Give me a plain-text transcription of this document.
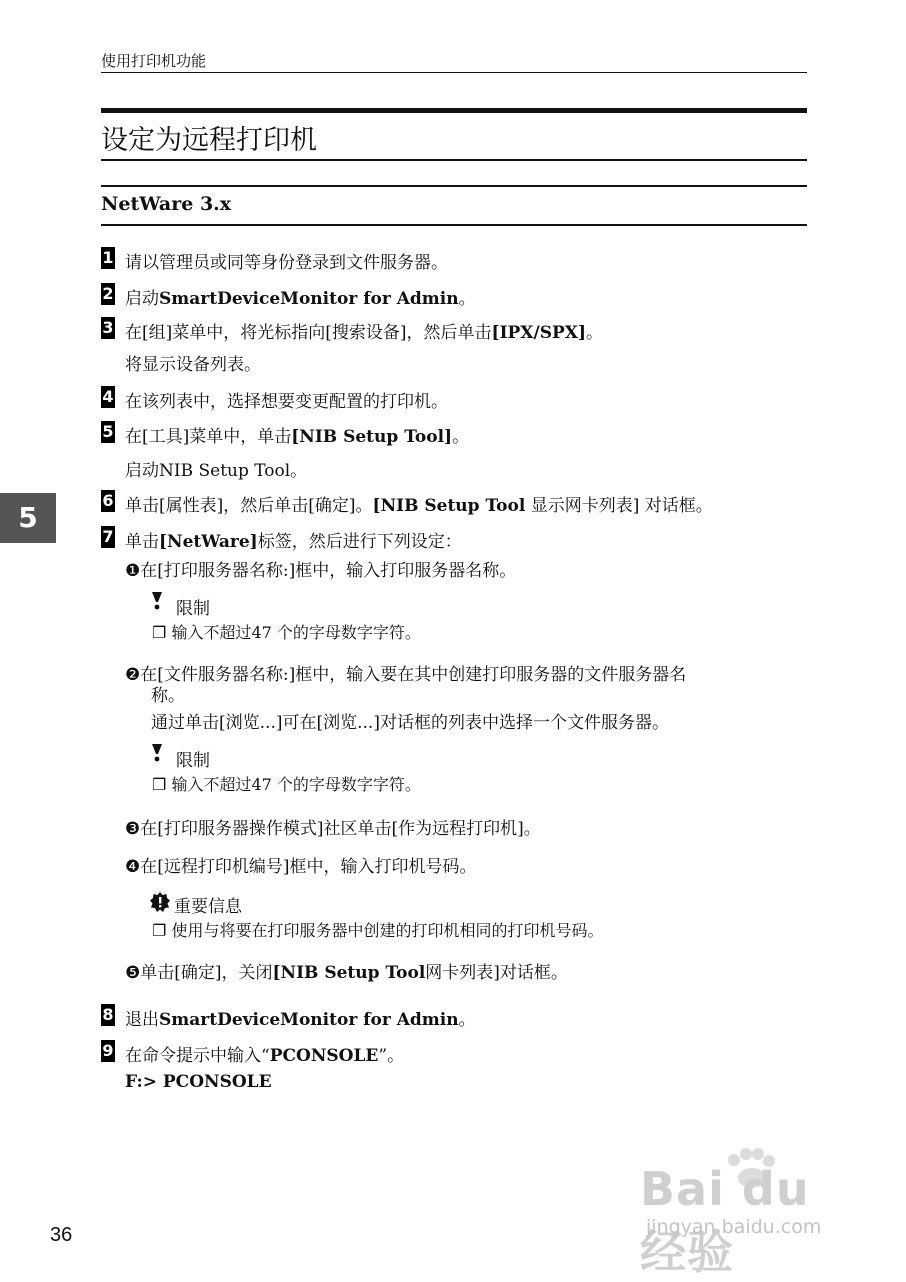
使用打印机功能
设定为远程打印机
NetWare 3.x
5
1 请以管理员或同等身份登录到文件服务器。
2 启动SmartDeviceMonitor for Admin。
3 在[组]菜单中，将光标指向[搜索设备]，然后单击[IPX/SPX]。
将显示设备列表。
4 在该列表中，选择想要变更配置的打印机。
5 在[工具]菜单中，单击[NIB Setup Tool]。
启动NIB Setup Tool。
6 单击[属性表]，然后单击[确定]。[NIB Setup Tool 显示网卡列表] 对话框。
7 单击[NetWare]标签，然后进行下列设定：
❶在[打印服务器名称:]框中，输入打印服务器名称。
限制
❐ 输入不超过47 个的字母数字字符。
❷在[文件服务器名称:]框中，输入要在其中创建打印服务器的文件服务器名
称。
通过单击[浏览...]可在[浏览...]对话框的列表中选择一个文件服务器。
限制
❐ 输入不超过47 个的字母数字字符。
❸在[打印服务器操作模式]社区单击[作为远程打印机]。
❹在[远程打印机编号]框中，输入打印机号码。
重要信息
❐ 使用与将要在打印服务器中创建的打印机相同的打印机号码。
❺单击[确定]，关闭[NIB Setup Tool网卡列表]对话框。
8 退出SmartDeviceMonitor for Admin。
9 在命令提示中输入“PCONSOLE”。
F:> PCONSOLE
36
Bai du 经验
jingyan.baidu.com
